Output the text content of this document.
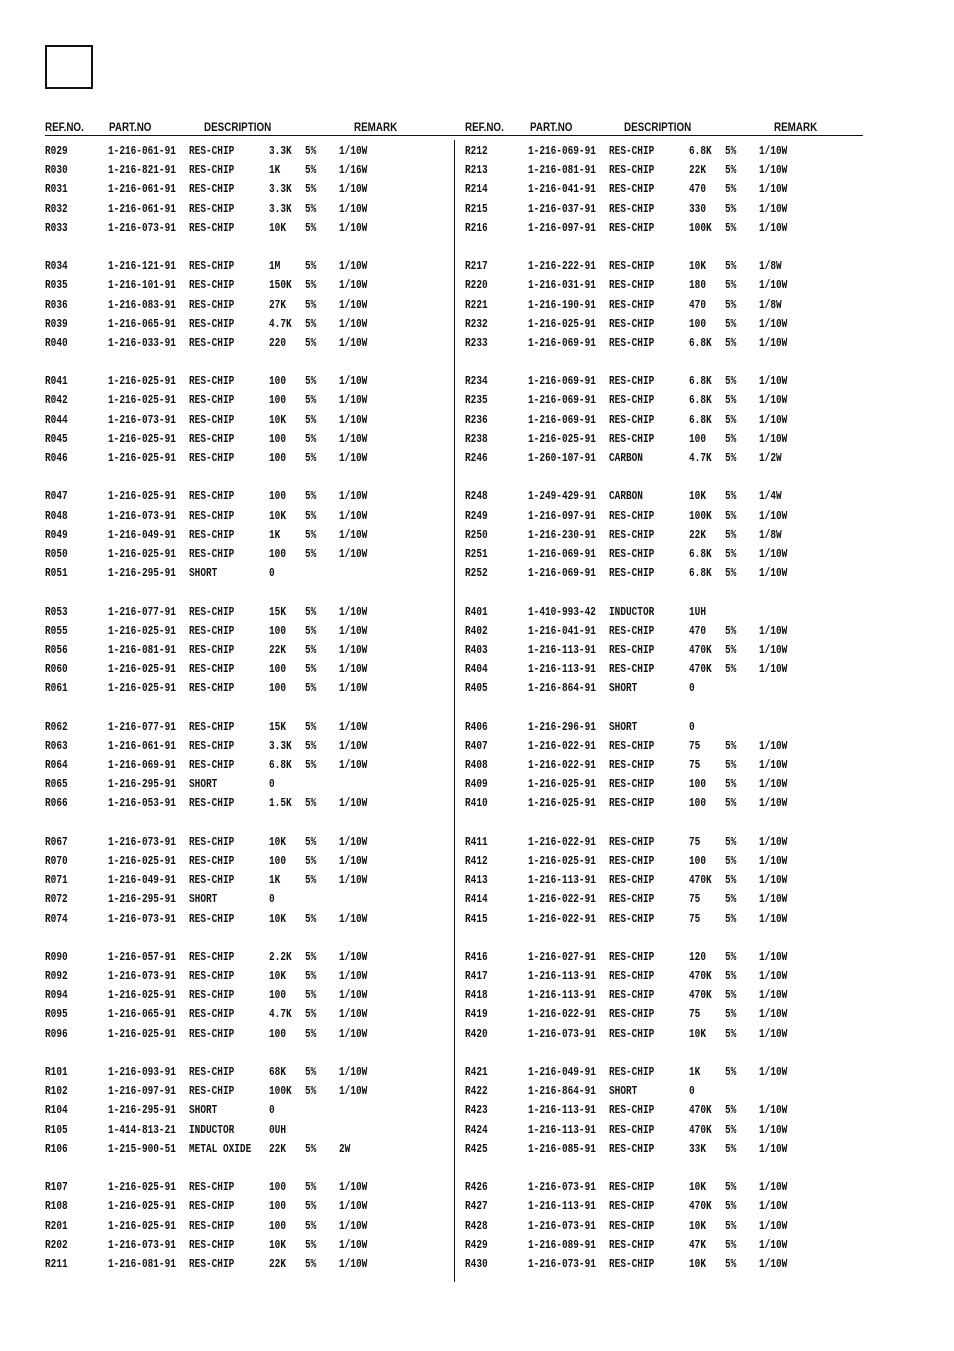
REF.NO. PART.NO	DESCRIPTION	REMARK	REF.NO. PART.NO	DESCRIPTION	REMARK
R029	1-216-061-91 RES-CHIP	3.3K 5% 1/10W
R030	1-216-821-91 RES-CHIP	1K 5% 1/16W
R031	1-216-061-91 RES-CHIP	3.3K 5% 1/10W
R032	1-216-061-91 RES-CHIP	3.3K 5% 1/10W
R033	1-216-073-91 RES-CHIP	10K 5% 1/10W
R034	1-216-121-91 RES-CHIP	1M 5% 1/10W
R035	1-216-101-91 RES-CHIP	150K 5% 1/10W
R036	1-216-083-91 RES-CHIP	27K 5% 1/10W
R039	1-216-065-91 RES-CHIP	4.7K 5% 1/10W
R040	1-216-033-91 RES-CHIP	220 5% 1/10W
R041	1-216-025-91 RES-CHIP	100 5% 1/10W
R042	1-216-025-91 RES-CHIP	100 5% 1/10W
R044	1-216-073-91 RES-CHIP	10K 5% 1/10W
R045	1-216-025-91 RES-CHIP	100 5% 1/10W
R046	1-216-025-91 RES-CHIP	100 5% 1/10W
R047	1-216-025-91 RES-CHIP	100 5% 1/10W
R048	1-216-073-91 RES-CHIP	10K 5% 1/10W
R049	1-216-049-91 RES-CHIP	1K 5% 1/10W
R050	1-216-025-91 RES-CHIP	100 5% 1/10W
R051	1-216-295-91 SHORT	0
R053	1-216-077-91 RES-CHIP	15K 5% 1/10W
R055	1-216-025-91 RES-CHIP	100 5% 1/10W
R056	1-216-081-91 RES-CHIP	22K 5% 1/10W
R060	1-216-025-91 RES-CHIP	100 5% 1/10W
R061	1-216-025-91 RES-CHIP	100 5% 1/10W
R062	1-216-077-91 RES-CHIP	15K 5% 1/10W
R063	1-216-061-91 RES-CHIP	3.3K 5% 1/10W
R064	1-216-069-91 RES-CHIP	6.8K 5% 1/10W
R065	1-216-295-91 SHORT	0
R066	1-216-053-91 RES-CHIP	1.5K 5% 1/10W
R067	1-216-073-91 RES-CHIP	10K 5% 1/10W
R070	1-216-025-91 RES-CHIP	100 5% 1/10W
R071	1-216-049-91 RES-CHIP	1K 5% 1/10W
R072	1-216-295-91 SHORT	0
R074	1-216-073-91 RES-CHIP	10K 5% 1/10W
R090	1-216-057-91 RES-CHIP	2.2K 5% 1/10W
R092	1-216-073-91 RES-CHIP	10K 5% 1/10W
R094	1-216-025-91 RES-CHIP	100 5% 1/10W
R095	1-216-065-91 RES-CHIP	4.7K 5% 1/10W
R096	1-216-025-91 RES-CHIP	100 5% 1/10W
R101	1-216-093-91 RES-CHIP	68K 5% 1/10W
R102	1-216-097-91 RES-CHIP	100K 5% 1/10W
R104	1-216-295-91 SHORT	0
R105	1-414-813-21 INDUCTOR	0UH
R106	1-215-900-51 METAL OXIDE 22K 5% 2W
R107	1-216-025-91 RES-CHIP	100 5% 1/10W
R108	1-216-025-91 RES-CHIP	100 5% 1/10W
R201	1-216-025-91 RES-CHIP	100 5% 1/10W
R202	1-216-073-91 RES-CHIP	10K 5% 1/10W
R211	1-216-081-91 RES-CHIP	22K 5% 1/10W
R212	1-216-069-91 RES-CHIP	6.8K 5% 1/10W
R213	1-216-081-91 RES-CHIP	22K 5% 1/10W
R214	1-216-041-91 RES-CHIP	470 5% 1/10W
R215	1-216-037-91 RES-CHIP	330 5% 1/10W
R216	1-216-097-91 RES-CHIP	100K 5% 1/10W
R217	1-216-222-91 RES-CHIP	10K 5% 1/8W
R220	1-216-031-91 RES-CHIP	180 5% 1/10W
R221	1-216-190-91 RES-CHIP	470 5% 1/8W
R232	1-216-025-91 RES-CHIP	100 5% 1/10W
R233	1-216-069-91 RES-CHIP	6.8K 5% 1/10W
R234	1-216-069-91 RES-CHIP	6.8K 5% 1/10W
R235	1-216-069-91 RES-CHIP	6.8K 5% 1/10W
R236	1-216-069-91 RES-CHIP	6.8K 5% 1/10W
R238	1-216-025-91 RES-CHIP	100 5% 1/10W
R246	1-260-107-91 CARBON	4.7K 5% 1/2W
R248	1-249-429-91 CARBON	10K 5% 1/4W
R249	1-216-097-91 RES-CHIP	100K 5% 1/10W
R250	1-216-230-91 RES-CHIP	22K 5% 1/8W
R251	1-216-069-91 RES-CHIP	6.8K 5% 1/10W
R252	1-216-069-91 RES-CHIP	6.8K 5% 1/10W
R401	1-410-993-42 INDUCTOR	1UH
R402	1-216-041-91 RES-CHIP	470 5% 1/10W
R403	1-216-113-91 RES-CHIP	470K 5% 1/10W
R404	1-216-113-91 RES-CHIP	470K 5% 1/10W
R405	1-216-864-91 SHORT	0
R406	1-216-296-91 SHORT	0
R407	1-216-022-91 RES-CHIP	75 5% 1/10W
R408	1-216-022-91 RES-CHIP	75 5% 1/10W
R409	1-216-025-91 RES-CHIP	100 5% 1/10W
R410	1-216-025-91 RES-CHIP	100 5% 1/10W
R411	1-216-022-91 RES-CHIP	75 5% 1/10W
R412	1-216-025-91 RES-CHIP	100 5% 1/10W
R413	1-216-113-91 RES-CHIP	470K 5% 1/10W
R414	1-216-022-91 RES-CHIP	75 5% 1/10W
R415	1-216-022-91 RES-CHIP	75 5% 1/10W
R416	1-216-027-91 RES-CHIP	120 5% 1/10W
R417	1-216-113-91 RES-CHIP	470K 5% 1/10W
R418	1-216-113-91 RES-CHIP	470K 5% 1/10W
R419	1-216-022-91 RES-CHIP	75 5% 1/10W
R420	1-216-073-91 RES-CHIP	10K 5% 1/10W
R421	1-216-049-91 RES-CHIP	1K 5% 1/10W
R422	1-216-864-91 SHORT	0
R423	1-216-113-91 RES-CHIP	470K 5% 1/10W
R424	1-216-113-91 RES-CHIP	470K 5% 1/10W
R425	1-216-085-91 RES-CHIP	33K 5% 1/10W
R426	1-216-073-91 RES-CHIP	10K 5% 1/10W
R427	1-216-113-91 RES-CHIP	470K 5% 1/10W
R428	1-216-073-91 RES-CHIP	10K 5% 1/10W
R429	1-216-089-91 RES-CHIP	47K 5% 1/10W
R430	1-216-073-91 RES-CHIP	10K 5% 1/10W
